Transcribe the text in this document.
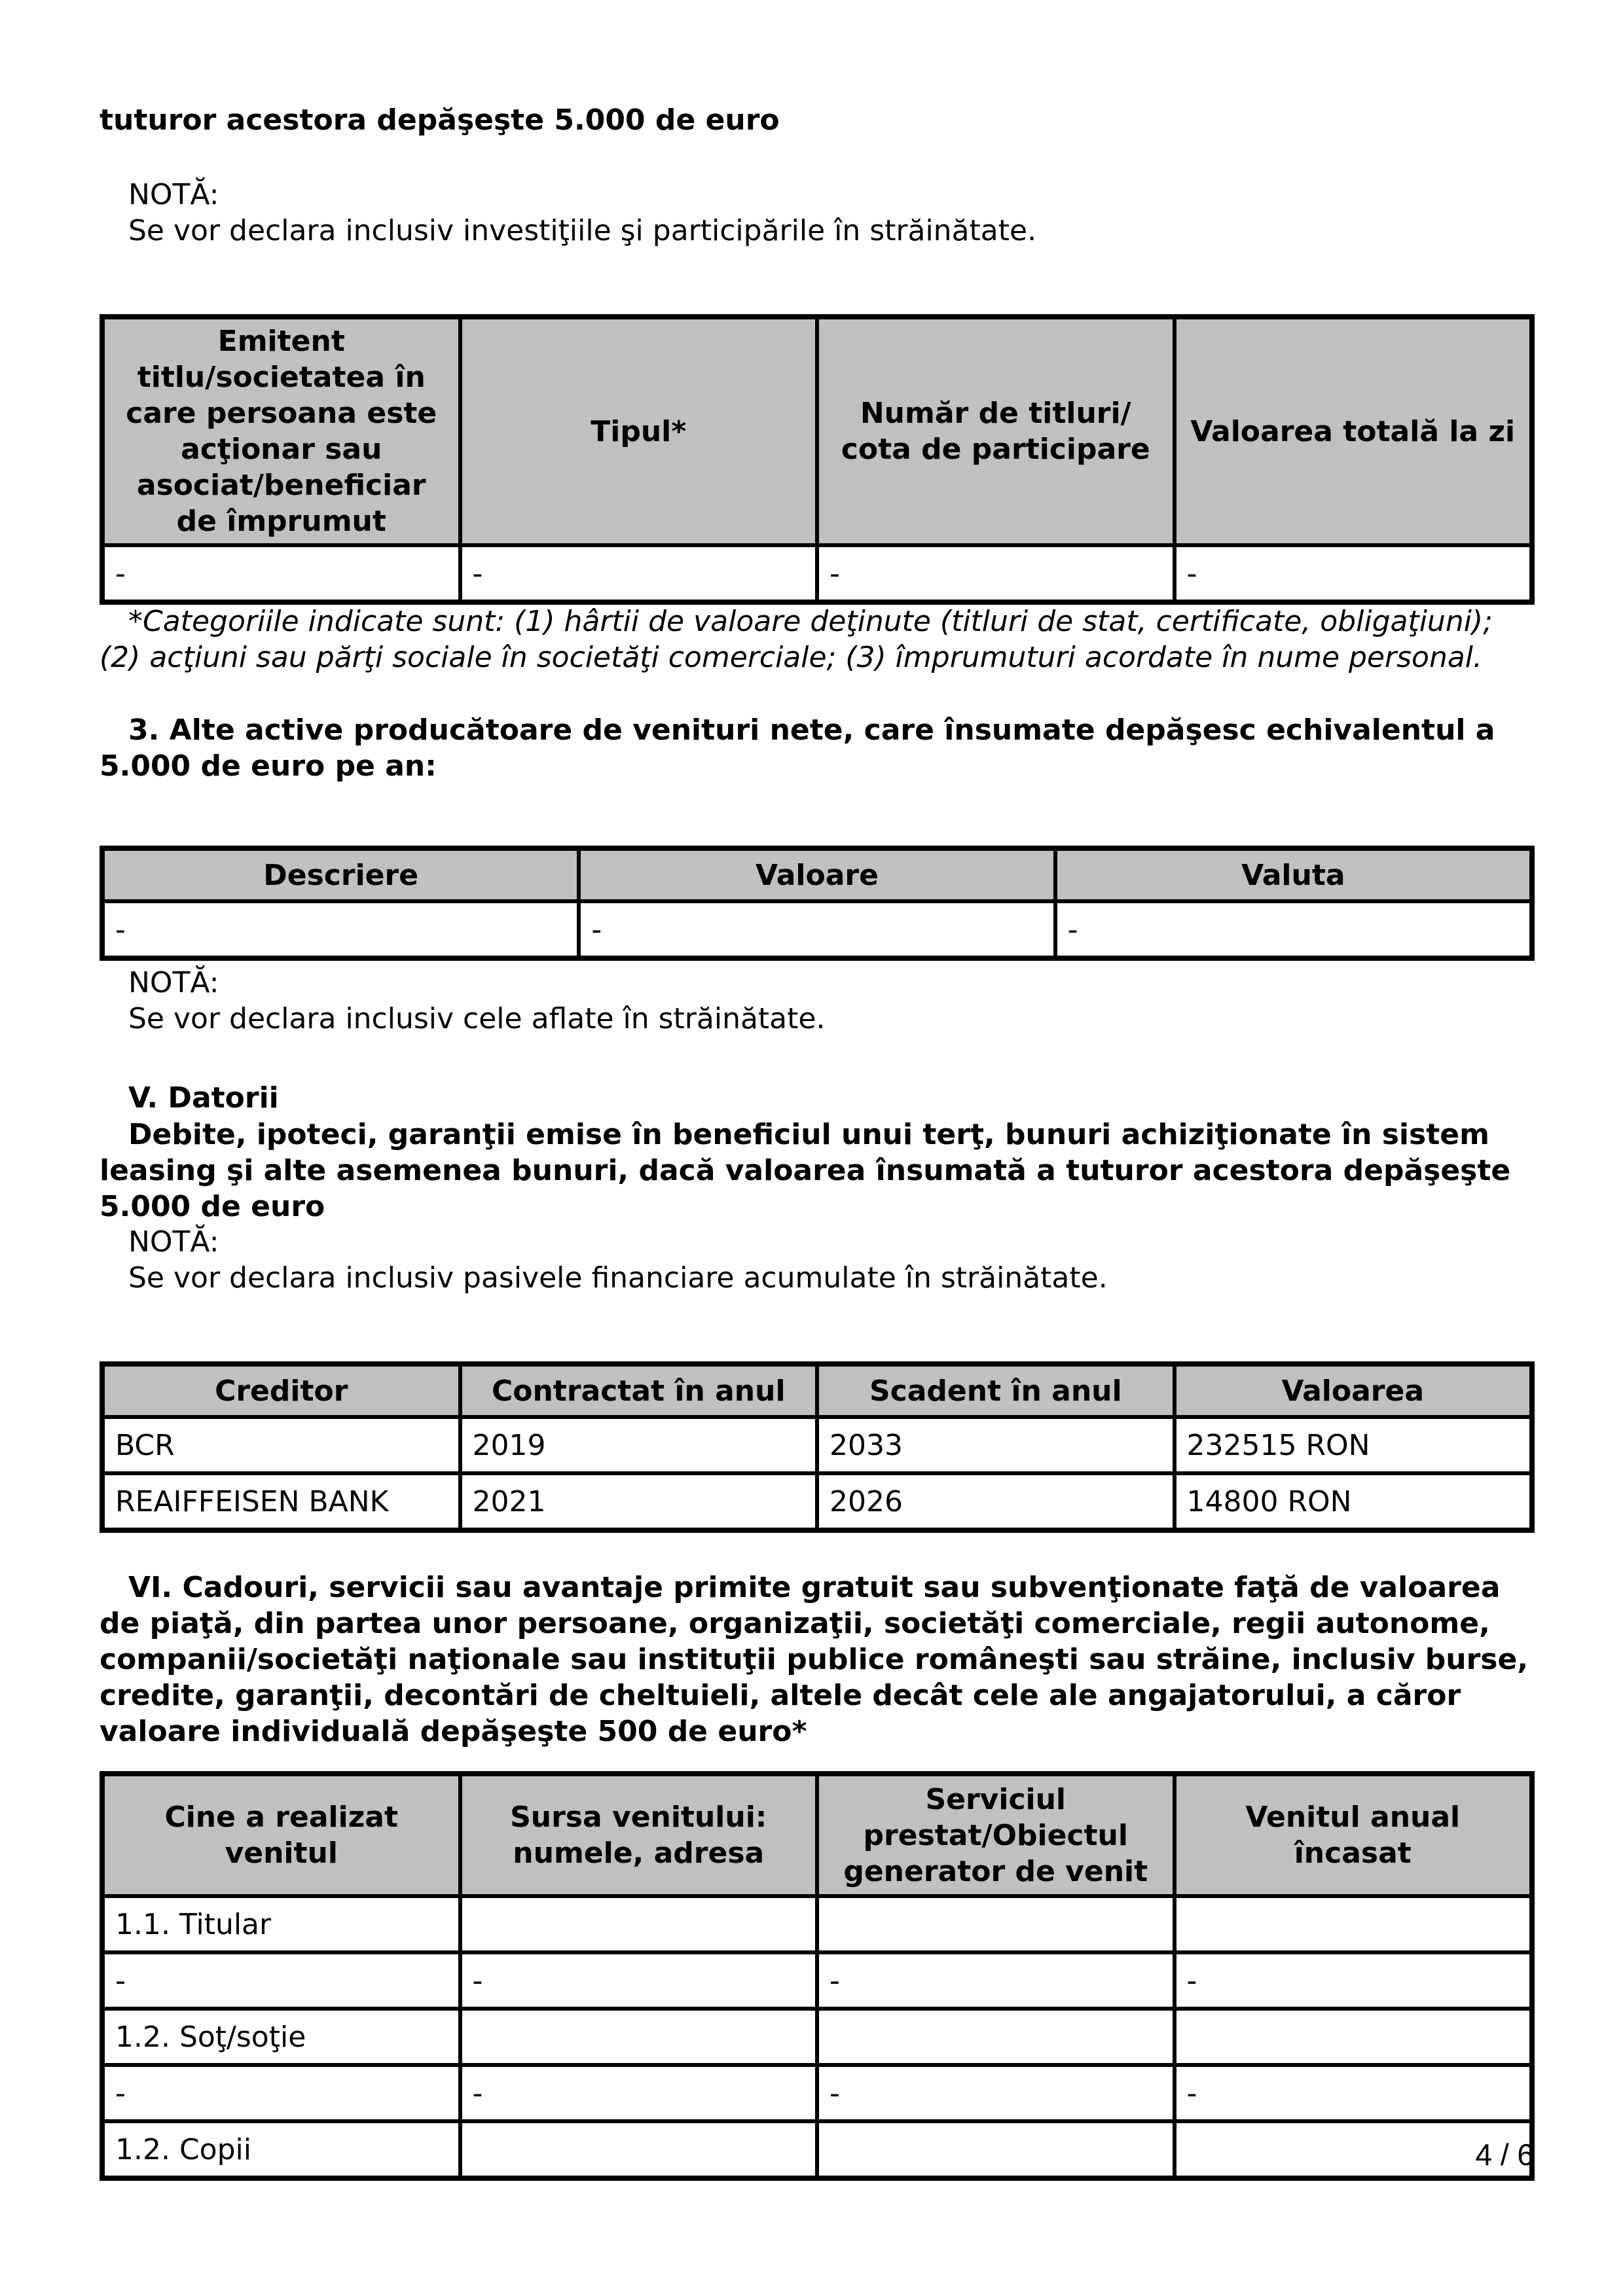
tuturor acestora depăşeşte 5.000 de euro

NOTĂ:

Se vor declara inclusiv investiţiile şi participările în străinătate.

Emitent titlu/societatea în care persoana este acţionar sau asociat/beneficiar de împrumut	Tipul*	Număr de titluri/ cota de participare	Valoarea totală la zi
-	-	-	-

*Categoriile indicate sunt: (1) hârtii de valoare deţinute (titluri de stat, certificate, obligaţiuni); (2) acţiuni sau părţi sociale în societăţi comerciale; (3) împrumuturi acordate în nume personal.

3. Alte active producătoare de venituri nete, care însumate depăşesc echivalentul a 5.000 de euro pe an:

Descriere	Valoare	Valuta
-	-	-

NOTĂ:

Se vor declara inclusiv cele aflate în străinătate.

V. Datorii

Debite, ipoteci, garanţii emise în beneficiul unui terţ, bunuri achiziţionate în sistem leasing şi alte asemenea bunuri, dacă valoarea însumată a tuturor acestora depăşeşte 5.000 de euro

NOTĂ:

Se vor declara inclusiv pasivele financiare acumulate în străinătate.

Creditor	Contractat în anul	Scadent în anul	Valoarea
BCR	2019	2033	232515 RON
REAIFFEISEN BANK	2021	2026	14800 RON

VI. Cadouri, servicii sau avantaje primite gratuit sau subvenţionate faţă de valoarea de piaţă, din partea unor persoane, organizaţii, societăţi comerciale, regii autonome, companii/societăţi naţionale sau instituţii publice româneşti sau străine, inclusiv burse, credite, garanţii, decontări de cheltuieli, altele decât cele ale angajatorului, a căror valoare individuală depăşeşte 500 de euro*

Cine a realizat venitul	Sursa venitului: numele, adresa	Serviciul prestat/Obiectul generator de venit	Venitul anual încasat
1.1. Titular			
-	-	-	-
1.2. Soţ/soţie			
-	-	-	-
1.2. Copii				4 / 6
